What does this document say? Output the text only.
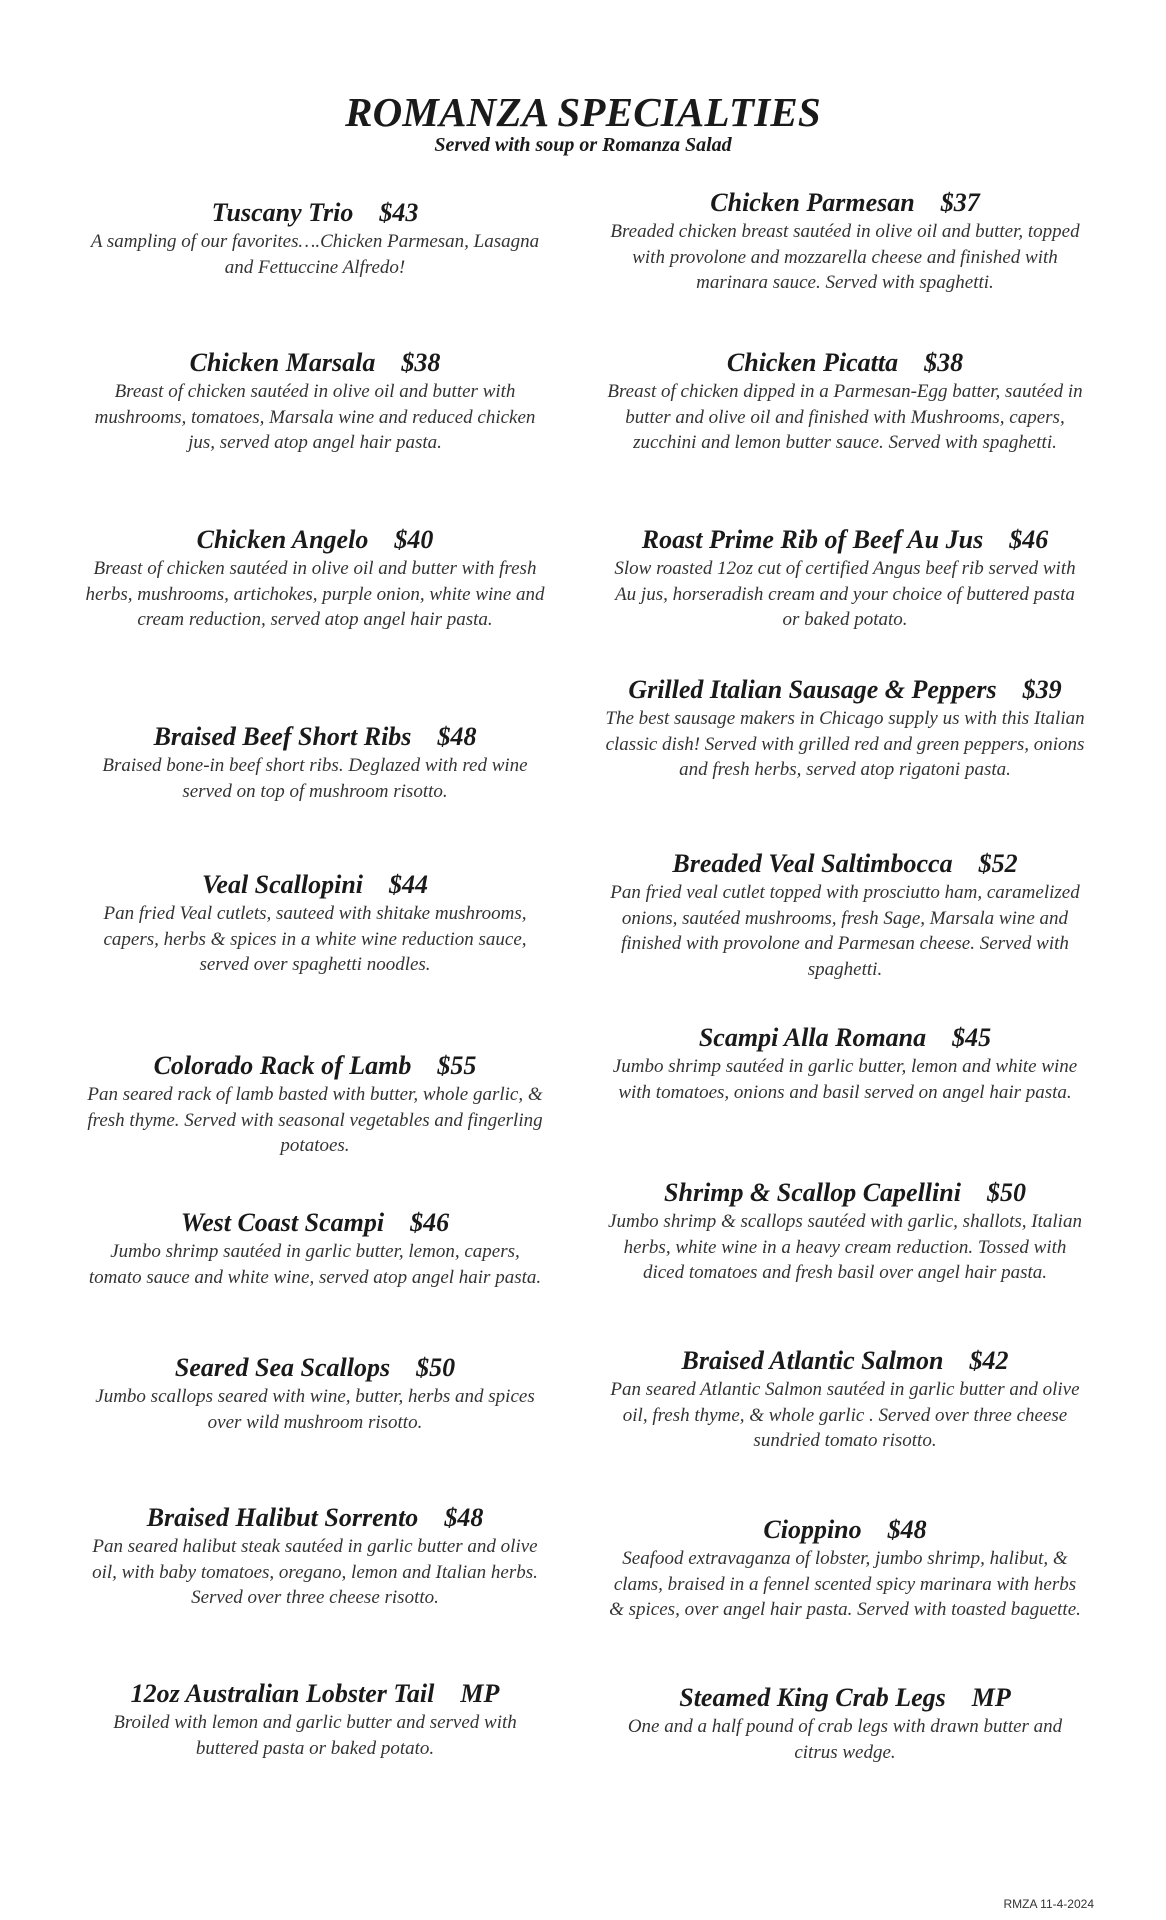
ROMANZA SPECIALTIES

Served with soup or Romanza Salad

Tuscany Trio $43
A sampling of our favorites….Chicken Parmesan, Lasagna and Fettuccine Alfredo!
Chicken Marsala $38
Breast of chicken sautéed in olive oil and butter with mushrooms, tomatoes, Marsala wine and reduced chicken jus, served atop angel hair pasta.
Chicken Angelo $40
Breast of chicken sautéed in olive oil and butter with fresh herbs, mushrooms, artichokes, purple onion, white wine and cream reduction, served atop angel hair pasta.
Braised Beef Short Ribs $48
Braised bone-in beef short ribs. Deglazed with red wine served on top of mushroom risotto.
Veal Scallopini $44
Pan fried Veal cutlets, sauteed with shitake mushrooms, capers, herbs & spices in a white wine reduction sauce, served over spaghetti noodles.
Colorado Rack of Lamb $55
Pan seared rack of lamb basted with butter, whole garlic, & fresh thyme. Served with seasonal vegetables and fingerling potatoes.
West Coast Scampi $46
Jumbo shrimp sautéed in garlic butter, lemon, capers, tomato sauce and white wine, served atop angel hair pasta.
Seared Sea Scallops $50
Jumbo scallops seared with wine, butter, herbs and spices over wild mushroom risotto.
Braised Halibut Sorrento $48
Pan seared halibut steak sautéed in garlic butter and olive oil, with baby tomatoes, oregano, lemon and Italian herbs. Served over three cheese risotto.
12oz Australian Lobster Tail MP
Broiled with lemon and garlic butter and served with buttered pasta or baked potato.
Chicken Parmesan $37
Breaded chicken breast sautéed in olive oil and butter, topped with provolone and mozzarella cheese and finished with marinara sauce. Served with spaghetti.
Chicken Picatta $38
Breast of chicken dipped in a Parmesan-Egg batter, sautéed in butter and olive oil and finished with Mushrooms, capers, zucchini and lemon butter sauce. Served with spaghetti.
Roast Prime Rib of Beef Au Jus $46
Slow roasted 12oz cut of certified Angus beef rib served with Au jus, horseradish cream and your choice of buttered pasta or baked potato.
Grilled Italian Sausage & Peppers $39
The best sausage makers in Chicago supply us with this Italian classic dish! Served with grilled red and green peppers, onions and fresh herbs, served atop rigatoni pasta.
Breaded Veal Saltimbocca $52
Pan fried veal cutlet topped with prosciutto ham, caramelized onions, sautéed mushrooms, fresh Sage, Marsala wine and finished with provolone and Parmesan cheese. Served with spaghetti.
Scampi Alla Romana $45
Jumbo shrimp sautéed in garlic butter, lemon and white wine with tomatoes, onions and basil served on angel hair pasta.
Shrimp & Scallop Capellini $50
Jumbo shrimp & scallops sautéed with garlic, shallots, Italian herbs, white wine in a heavy cream reduction. Tossed with diced tomatoes and fresh basil over angel hair pasta.
Braised Atlantic Salmon $42
Pan seared Atlantic Salmon sautéed in garlic butter and olive oil, fresh thyme, & whole garlic . Served over three cheese sundried tomato risotto.
Cioppino $48
Seafood extravaganza of lobster, jumbo shrimp, halibut, & clams, braised in a fennel scented spicy marinara with herbs & spices, over angel hair pasta. Served with toasted baguette.
Steamed King Crab Legs MP
One and a half pound of crab legs with drawn butter and citrus wedge.
RMZA 11-4-2024
